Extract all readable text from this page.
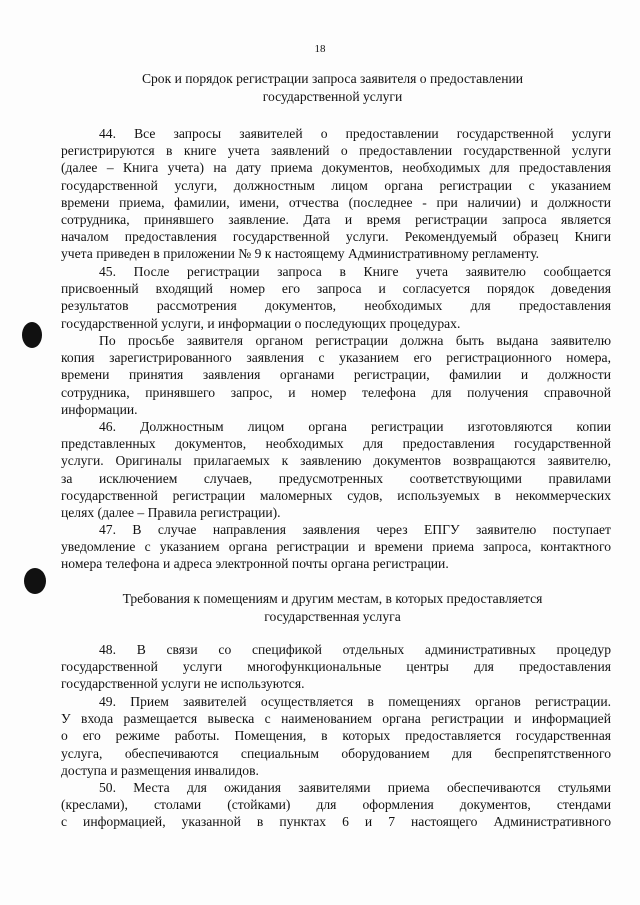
18
Срок и порядок регистрации запроса заявителя о предоставлении
государственной услуги
44. Все запросы заявителей о предоставлении государственной услуги
регистрируются в книге учета заявлений о предоставлении государственной услуги
(далее – Книга учета) на дату приема документов, необходимых для предоставления
государственной услуги, должностным лицом органа регистрации с указанием
времени приема, фамилии, имени, отчества (последнее - при наличии) и должности
сотрудника, принявшего заявление. Дата и время регистрации запроса является
началом предоставления государственной услуги. Рекомендуемый образец Книги
учета приведен в приложении № 9 к настоящему Административному регламенту.
45. После регистрации запроса в Книге учета заявителю сообщается
присвоенный входящий номер его запроса и согласуется порядок доведения
результатов рассмотрения документов, необходимых для предоставления
государственной услуги, и информации о последующих процедурах.
По просьбе заявителя органом регистрации должна быть выдана заявителю
копия зарегистрированного заявления с указанием его регистрационного номера,
времени принятия заявления органами регистрации, фамилии и должности
сотрудника, принявшего запрос, и номер телефона для получения справочной
информации.
46. Должностным лицом органа регистрации изготовляются копии
представленных документов, необходимых для предоставления государственной
услуги. Оригиналы прилагаемых к заявлению документов возвращаются заявителю,
за исключением случаев, предусмотренных соответствующими правилами
государственной регистрации маломерных судов, используемых в некоммерческих
целях (далее – Правила регистрации).
47. В случае направления заявления через ЕПГУ заявителю поступает
уведомление с указанием органа регистрации и времени приема запроса, контактного
номера телефона и адреса электронной почты органа регистрации.
Требования к помещениям и другим местам, в которых предоставляется
государственная услуга
48. В связи со спецификой отдельных административных процедур
государственной услуги многофункциональные центры для предоставления
государственной услуги не используются.
49. Прием заявителей осуществляется в помещениях органов регистрации.
У входа размещается вывеска с наименованием органа регистрации и информацией
о его режиме работы. Помещения, в которых предоставляется государственная
услуга, обеспечиваются специальным оборудованием для беспрепятственного
доступа и размещения инвалидов.
50. Места для ожидания заявителями приема обеспечиваются стульями
(креслами), столами (стойками) для оформления документов, стендами
с информацией, указанной в пунктах 6 и 7 настоящего Административного
